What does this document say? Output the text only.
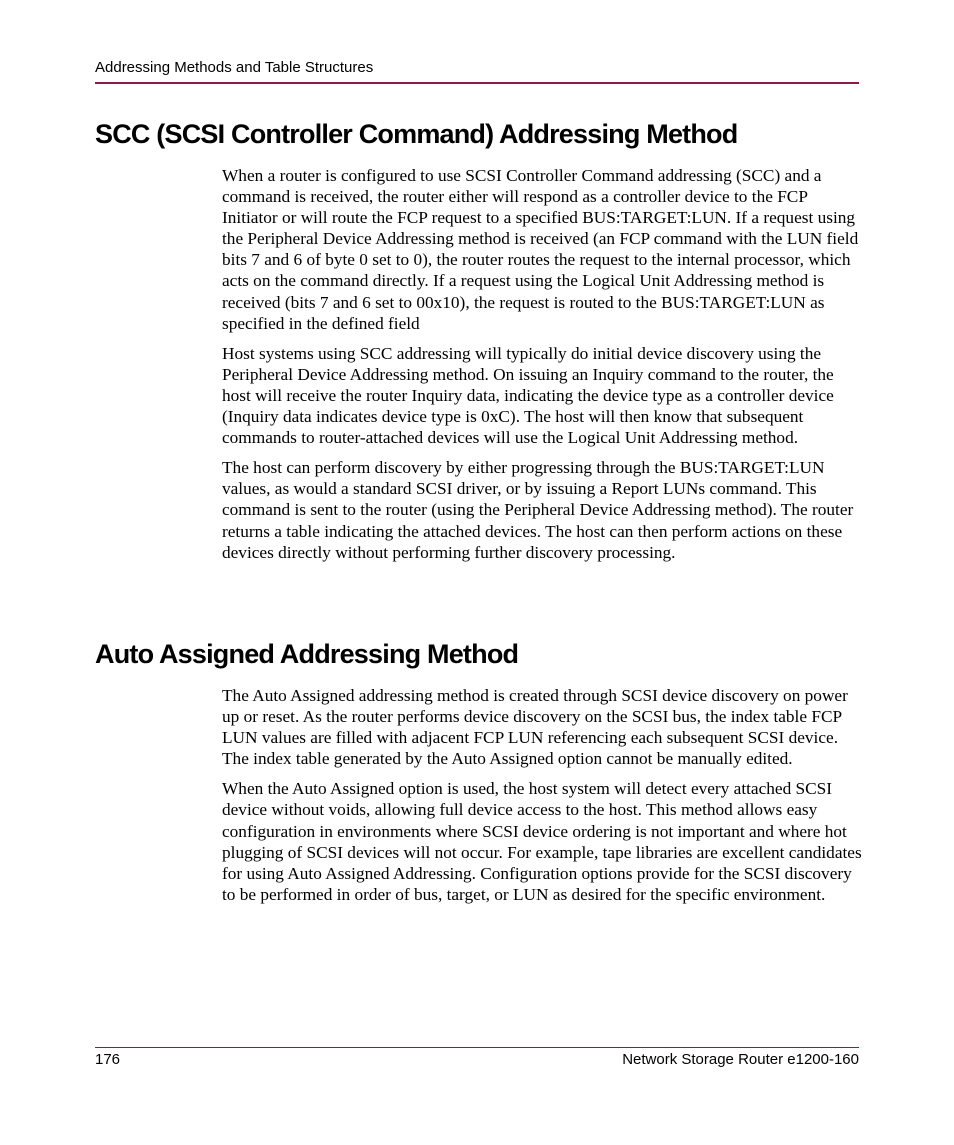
Addressing Methods and Table Structures
SCC (SCSI Controller Command) Addressing Method

When a router is configured to use SCSI Controller Command addressing (SCC) and a command is received, the router either will respond as a controller device to the FCP Initiator or will route the FCP request to a specified BUS:TARGET:LUN. If a request using the Peripheral Device Addressing method is received (an FCP command with the LUN field bits 7 and 6 of byte 0 set to 0), the router routes the request to the internal processor, which acts on the command directly. If a request using the Logical Unit Addressing method is received (bits 7 and 6 set to 00x10), the request is routed to the BUS:TARGET:LUN as specified in the defined field

Host systems using SCC addressing will typically do initial device discovery using the Peripheral Device Addressing method. On issuing an Inquiry command to the router, the host will receive the router Inquiry data, indicating the device type as a controller device (Inquiry data indicates device type is 0xC). The host will then know that subsequent commands to router-attached devices will use the Logical Unit Addressing method.

The host can perform discovery by either progressing through the BUS:TARGET:LUN values, as would a standard SCSI driver, or by issuing a Report LUNs command. This command is sent to the router (using the Peripheral Device Addressing method). The router returns a table indicating the attached devices. The host can then perform actions on these devices directly without performing further discovery processing.

Auto Assigned Addressing Method

The Auto Assigned addressing method is created through SCSI device discovery on power up or reset. As the router performs device discovery on the SCSI bus, the index table FCP LUN values are filled with adjacent FCP LUN referencing each subsequent SCSI device. The index table generated by the Auto Assigned option cannot be manually edited.

When the Auto Assigned option is used, the host system will detect every attached SCSI device without voids, allowing full device access to the host. This method allows easy configuration in environments where SCSI device ordering is not important and where hot plugging of SCSI devices will not occur. For example, tape libraries are excellent candidates for using Auto Assigned Addressing. Configuration options provide for the SCSI discovery to be performed in order of bus, target, or LUN as desired for the specific environment.

176	Network Storage Router e1200-160
